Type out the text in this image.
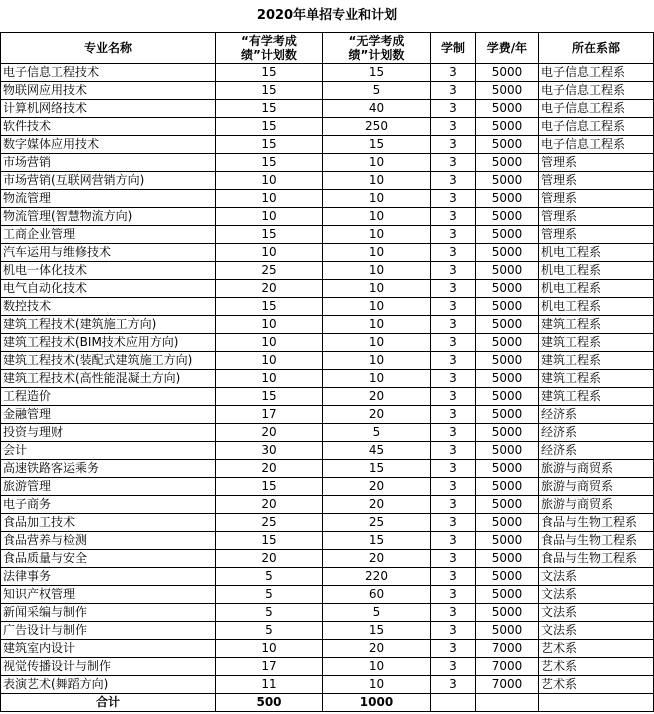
2020年单招专业和计划
专业名称	“有学考成绩”计划数	“无学考成绩”计划数	学制	学费/年	所在系部
电子信息工程技术	15	15	3	5000	电子信息工程系
物联网应用技术	15	5	3	5000	电子信息工程系
计算机网络技术	15	40	3	5000	电子信息工程系
软件技术	15	250	3	5000	电子信息工程系
数字媒体应用技术	15	15	3	5000	电子信息工程系
市场营销	15	10	3	5000	管理系
市场营销(互联网营销方向)	10	10	3	5000	管理系
物流管理	10	10	3	5000	管理系
物流管理(智慧物流方向)	10	10	3	5000	管理系
工商企业管理	15	10	3	5000	管理系
汽车运用与维修技术	10	10	3	5000	机电工程系
机电一体化技术	25	10	3	5000	机电工程系
电气自动化技术	20	10	3	5000	机电工程系
数控技术	15	10	3	5000	机电工程系
建筑工程技术(建筑施工方向)	10	10	3	5000	建筑工程系
建筑工程技术(BIM技术应用方向)	10	10	3	5000	建筑工程系
建筑工程技术(装配式建筑施工方向)	10	10	3	5000	建筑工程系
建筑工程技术(高性能混凝土方向)	10	10	3	5000	建筑工程系
工程造价	15	20	3	5000	建筑工程系
金融管理	17	20	3	5000	经济系
投资与理财	20	5	3	5000	经济系
会计	30	45	3	5000	经济系
高速铁路客运乘务	20	15	3	5000	旅游与商贸系
旅游管理	15	20	3	5000	旅游与商贸系
电子商务	20	20	3	5000	旅游与商贸系
食品加工技术	25	25	3	5000	食品与生物工程系
食品营养与检测	15	15	3	5000	食品与生物工程系
食品质量与安全	20	20	3	5000	食品与生物工程系
法律事务	5	220	3	5000	文法系
知识产权管理	5	60	3	5000	文法系
新闻采编与制作	5	5	3	5000	文法系
广告设计与制作	5	15	3	5000	文法系
建筑室内设计	10	20	3	7000	艺术系
视觉传播设计与制作	17	10	3	7000	艺术系
表演艺术(舞蹈方向)	11	10	3	7000	艺术系
合计	500	1000			
